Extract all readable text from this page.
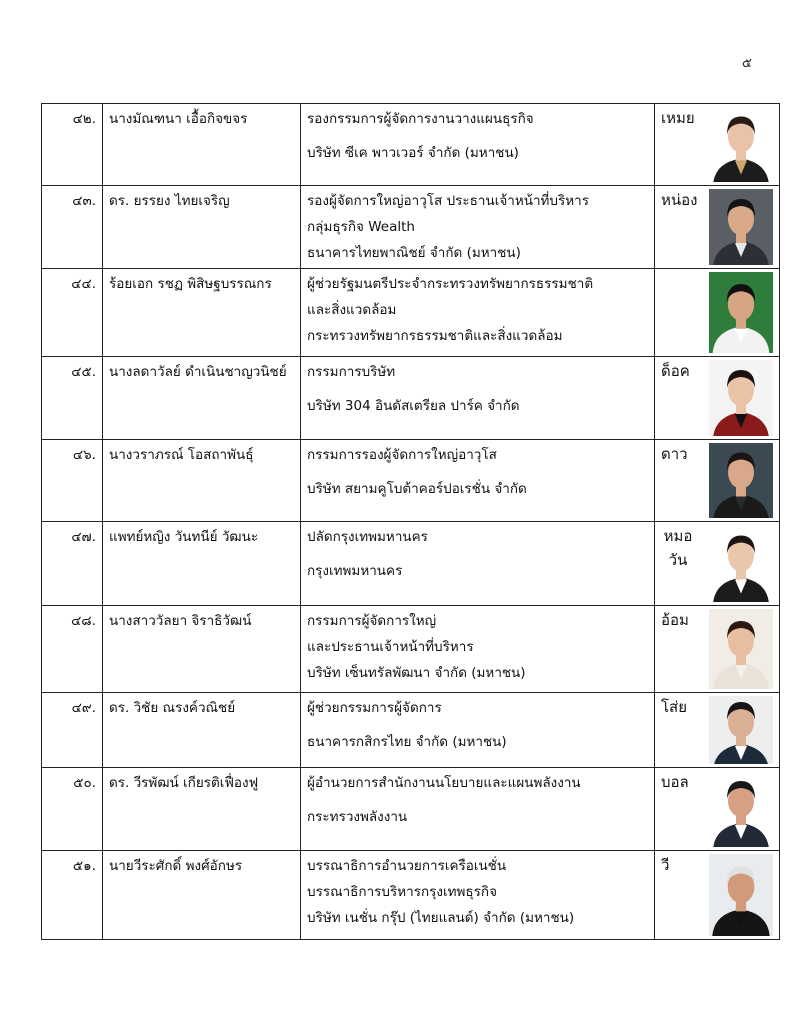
๕
๔๒.	นางมัณฑนา เอื้อกิจขจร	รองกรรมการผู้จัดการงานวางแผนธุรกิจ
บริษัท ซีเค พาวเวอร์ จำกัด (มหาชน)	เหมย

๔๓.	ดร. ยรรยง ไทยเจริญ	รองผู้จัดการใหญ่อาวุโส ประธานเจ้าหน้าที่บริหาร
กลุ่มธุรกิจ Wealth
ธนาคารไทยพาณิชย์ จำกัด (มหาชน)	หน่อง

๔๔.	ร้อยเอก รชฏ พิสิษฐบรรณกร	ผู้ช่วยรัฐมนตรีประจำกระทรวงทรัพยากรธรรมชาติ
และสิ่งแวดล้อม
กระทรวงทรัพยากรธรรมชาติและสิ่งแวดล้อม

๔๕.	นางลดาวัลย์ ดำเนินชาญวนิชย์	กรรมการบริษัท
บริษัท 304 อินดัสเตรียล ปาร์ค จำกัด	ด็อค

๔๖.	นางวราภรณ์ โอสถาพันธุ์	กรรมการรองผู้จัดการใหญ่อาวุโส
บริษัท สยามคูโบต้าคอร์ปอเรชั่น จำกัด	ดาว

๔๗.	แพทย์หญิง วันทนีย์ วัฒนะ	ปลัดกรุงเทพมหานคร
กรุงเทพมหานคร	หมอ วัน

๔๘.	นางสาววัลยา จิราธิวัฒน์	กรรมการผู้จัดการใหญ่
และประธานเจ้าหน้าที่บริหาร
บริษัท เซ็นทรัลพัฒนา จำกัด (มหาชน)	อ้อม

๔๙.	ดร. วิชัย ณรงค์วณิชย์	ผู้ช่วยกรรมการผู้จัดการ
ธนาคารกสิกรไทย จำกัด (มหาชน)	โส่ย

๕๐.	ดร. วีรพัฒน์ เกียรติเฟื่องฟู	ผู้อำนวยการสำนักงานนโยบายและแผนพลังงาน
กระทรวงพลังงาน	บอล

๕๑.	นายวีระศักดิ์ พงศ์อักษร	บรรณาธิการอำนวยการเครือเนชั่น
บรรณาธิการบริหารกรุงเทพธุรกิจ
บริษัท เนชั่น กรุ๊ป (ไทยแลนด์) จำกัด (มหาชน)	วี
